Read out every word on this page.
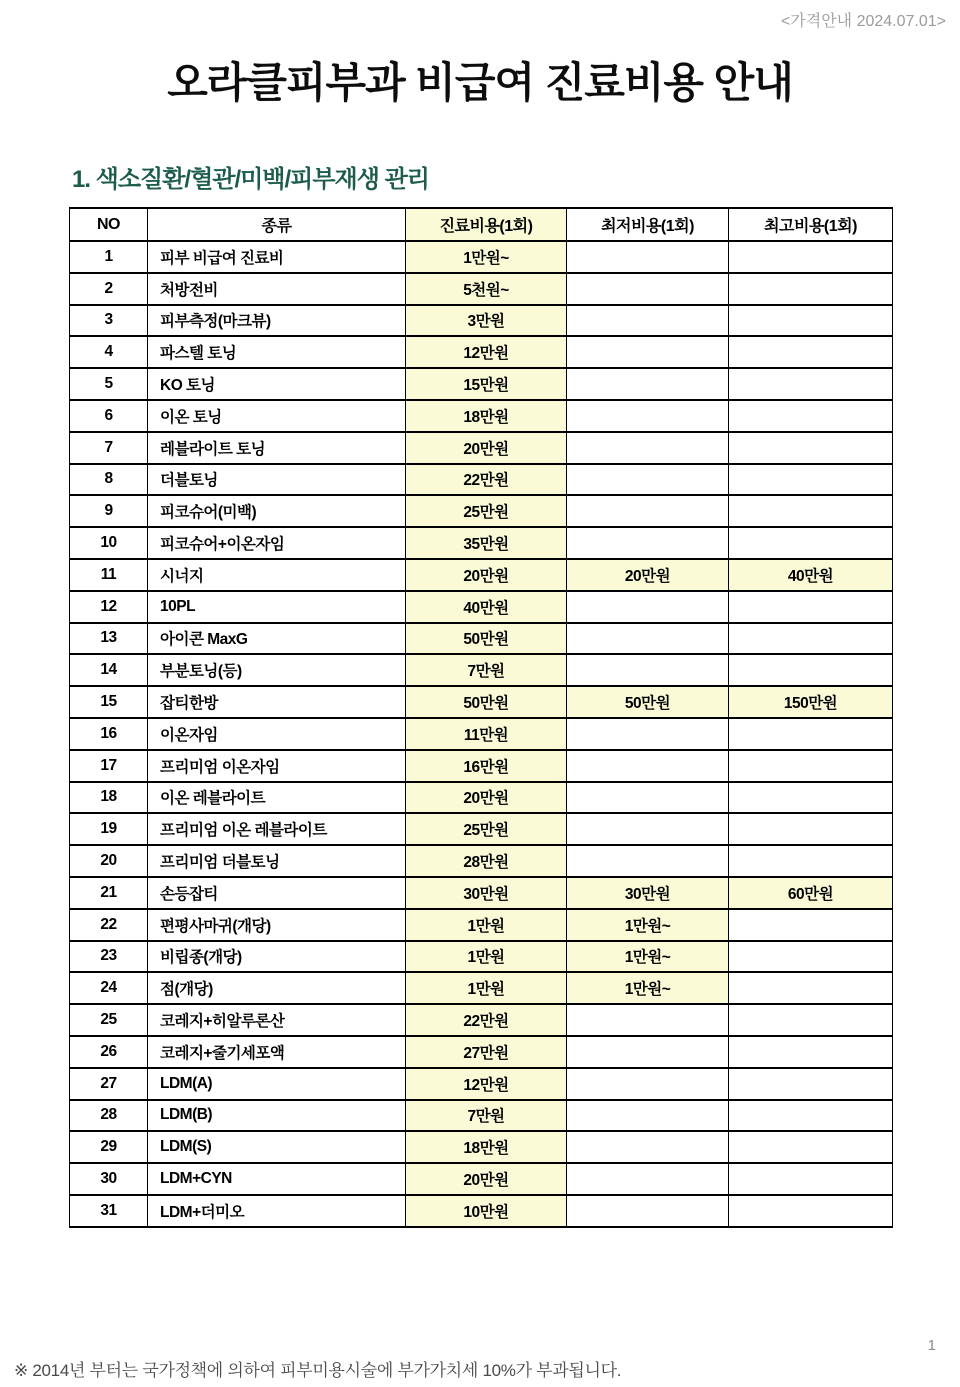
<가격안내 2024.07.01>
오라클피부과 비급여 진료비용 안내
1. 색소질환/혈관/미백/피부재생 관리
NO	종류	진료비용(1회)	최저비용(1회)	최고비용(1회)
1	피부 비급여 진료비	1만원~		
2	처방전비	5천원~		
3	피부측정(마크뷰)	3만원		
4	파스텔 토닝	12만원		
5	KO 토닝	15만원		
6	이온 토닝	18만원		
7	레블라이트 토닝	20만원		
8	더블토닝	22만원		
9	피코슈어(미백)	25만원		
10	피코슈어+이온자임	35만원		
11	시너지	20만원	20만원	40만원
12	10PL	40만원		
13	아이콘 MaxG	50만원		
14	부분토닝(등)	7만원		
15	잡티한방	50만원	50만원	150만원
16	이온자임	11만원		
17	프리미엄 이온자임	16만원		
18	이온 레블라이트	20만원		
19	프리미엄 이온 레블라이트	25만원		
20	프리미엄 더블토닝	28만원		
21	손등잡티	30만원	30만원	60만원
22	편평사마귀(개당)	1만원	1만원~	
23	비립종(개당)	1만원	1만원~	
24	점(개당)	1만원	1만원~	
25	코레지+히알루론산	22만원		
26	코레지+줄기세포액	27만원		
27	LDM(A)	12만원		
28	LDM(B)	7만원		
29	LDM(S)	18만원		
30	LDM+CYN	20만원		
31	LDM+더미오	10만원		
※ 2014년 부터는 국가정책에 의하여 피부미용시술에 부가가치세 10%가 부과됩니다.
1
